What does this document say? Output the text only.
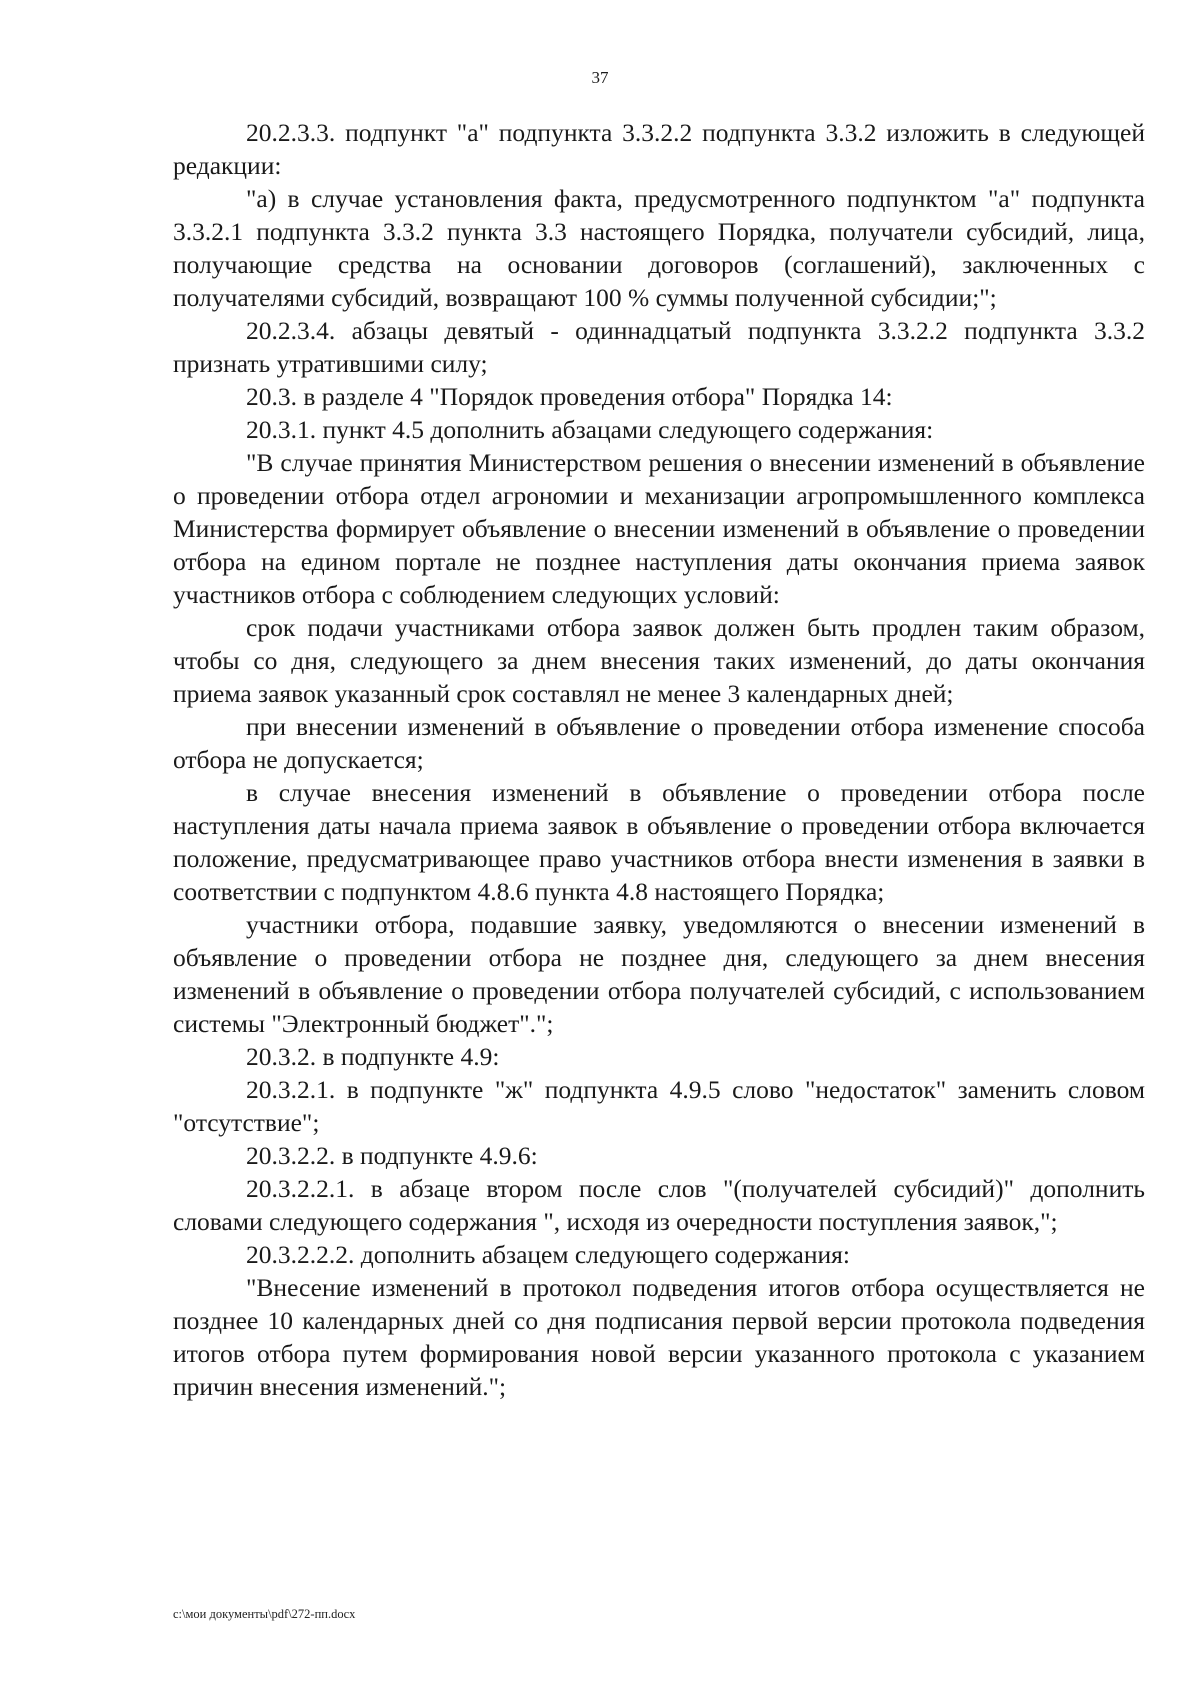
37

20.2.3.3. подпункт "а" подпункта 3.3.2.2 подпункта 3.3.2 изложить в следующей редакции:

"а) в случае установления факта, предусмотренного подпунктом "а" подпункта 3.3.2.1 подпункта 3.3.2 пункта 3.3 настоящего Порядка, получатели субсидий, лица, получающие средства на основании договоров (соглашений), заключенных с получателями субсидий, возвращают 100 % суммы полученной субсидии;";

20.2.3.4. абзацы девятый - одиннадцатый подпункта 3.3.2.2 подпункта 3.3.2 признать утратившими силу;

20.3. в разделе 4 "Порядок проведения отбора" Порядка 14:

20.3.1. пункт 4.5 дополнить абзацами следующего содержания:

"В случае принятия Министерством решения о внесении изменений в объявление о проведении отбора отдел агрономии и механизации агропромышленного комплекса Министерства формирует объявление о внесении изменений в объявление о проведении отбора на едином портале не позднее наступления даты окончания приема заявок участников отбора с соблюдением следующих условий:

срок подачи участниками отбора заявок должен быть продлен таким образом, чтобы со дня, следующего за днем внесения таких изменений, до даты окончания приема заявок указанный срок составлял не менее 3 календарных дней;

при внесении изменений в объявление о проведении отбора изменение способа отбора не допускается;

в случае внесения изменений в объявление о проведении отбора после наступления даты начала приема заявок в объявление о проведении отбора включается положение, предусматривающее право участников отбора внести изменения в заявки в соответствии с подпунктом 4.8.6 пункта 4.8 настоящего Порядка;

участники отбора, подавшие заявку, уведомляются о внесении изменений в объявление о проведении отбора не позднее дня, следующего за днем внесения изменений в объявление о проведении отбора получателей субсидий, с использованием системы "Электронный бюджет".";

20.3.2. в подпункте 4.9:

20.3.2.1. в подпункте "ж" подпункта 4.9.5 слово "недостаток" заменить словом "отсутствие";

20.3.2.2. в подпункте 4.9.6:

20.3.2.2.1. в абзаце втором после слов "(получателей субсидий)" дополнить словами следующего содержания ", исходя из очередности поступления заявок,";

20.3.2.2.2. дополнить абзацем следующего содержания:

"Внесение изменений в протокол подведения итогов отбора осуществляется не позднее 10 календарных дней со дня подписания первой версии протокола подведения итогов отбора путем формирования новой версии указанного протокола с указанием причин внесения изменений.";

c:\мои документы\pdf\272-пп.docx
